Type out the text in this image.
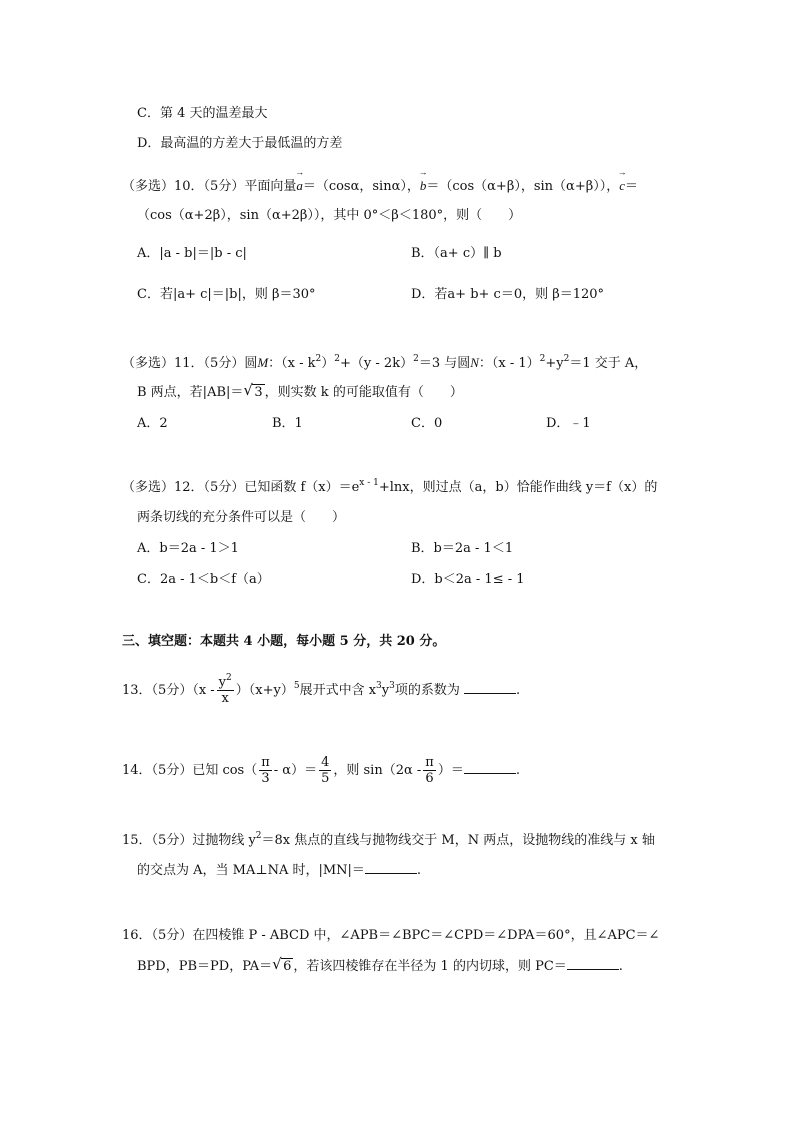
C．第 4 天的温差最大
D．最高温的方差大于最低温的方差
（多选）10．（5分）平面向量→ a＝（cosα，sinα），→ b＝（cos（α+β），sin（α+β）），→ c＝
（cos（α+2β），sin（α+2β）），其中 0°＜β＜180°，则（　　）
A．|a - b|＝|b - c|	B．（a+ c）∥ b
C．若|a+ c|＝|b|，则 β＝30°	D．若a+ b+ c＝0，则 β＝120°
（多选）11．（5分）圆M：$(x - k^2)^2+(y - 2k)^2=3$ 与圆N：$(x - 1)^2+y^2=1$ 交于 A，
B 两点，若|AB|＝ √ 3 ，则实数 k 的可能取值有（　　）
A．2	B．1	C．0	D．﹣1
（多选）12．（5分）已知函数 $f(x)=e^{x - 1}+\ln x$，则过点（a，b）恰能作曲线 y＝f（x）的
两条切线的充分条件可以是（　　）
A．b＝2a - 1＞1	B．b＝2a - 1＜1
C．2a - 1＜b＜f（a）	D．b＜2a - 1≤ - 1
三、填空题：本题共 4 小题，每小题 5 分，共 20 分。
13．（5分）$(x - \frac{y^2}{x} )(x+y)^5$展开式中含 $x^3y^3$项的系数为	.
14．（5分）已知 $\cos( \frac{\pi}{3} - \alpha)= \frac{4}{5}$ ，则 $\sin(2\alpha - \frac{\pi}{6}$ ）＝	.
15．（5分）过抛物线 $y^2=8x$ 焦点的直线与抛物线交于 M，N 两点，设抛物线的准线与 x 轴
的交点为 A，当 MA⊥NA 时，|MN|＝	.
16．（5分）在四棱锥 P - ABCD 中，∠APB＝∠BPC＝∠CPD＝∠DPA＝60°，且∠APC＝∠
BPD，PB＝PD，PA＝ √ 6 ，若该四棱锥存在半径为 1 的内切球，则 PC＝	.
